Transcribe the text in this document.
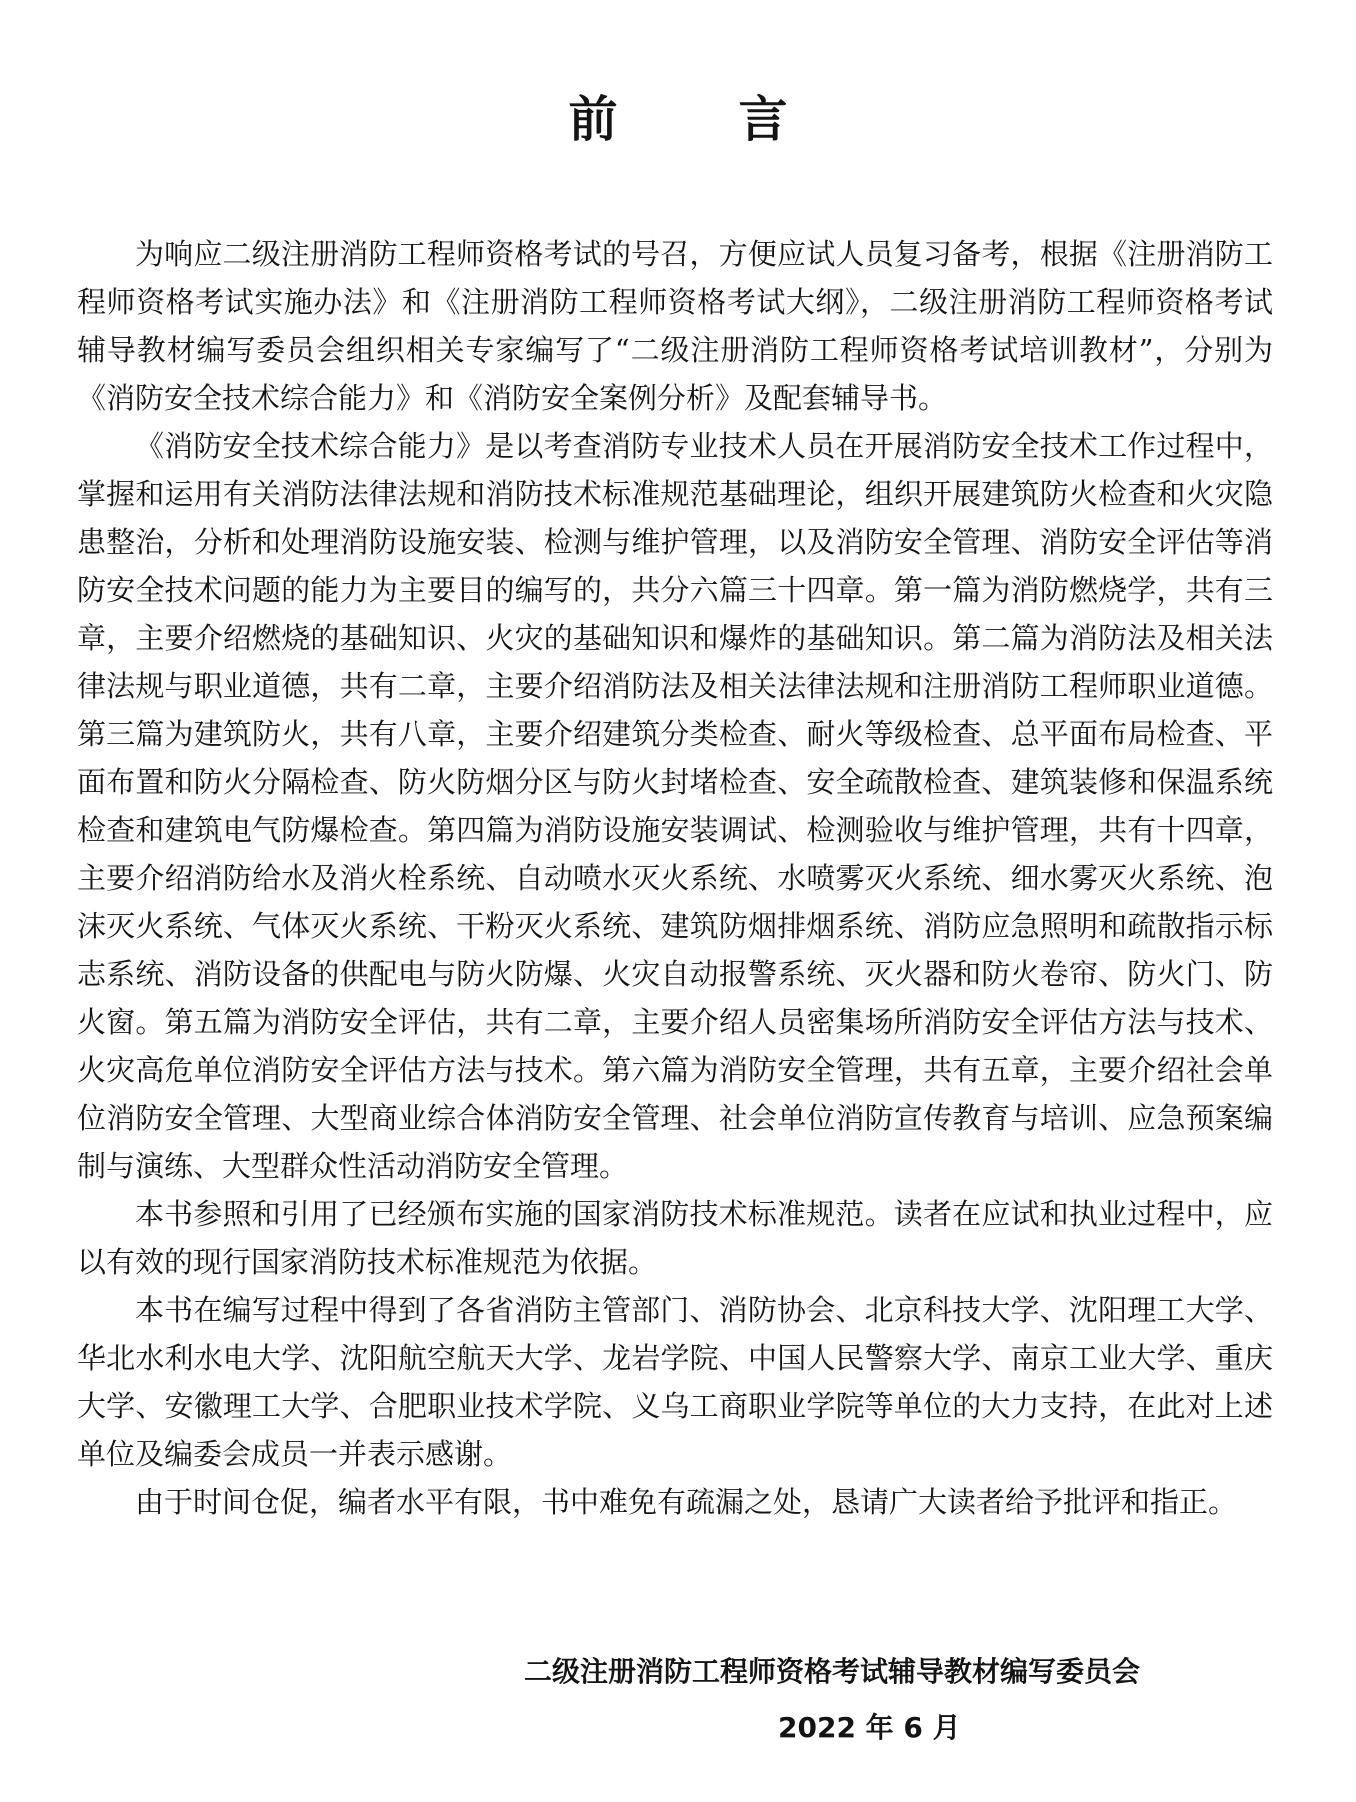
前 言

为响应二级注册消防工程师资格考试的号召，方便应试人员复习备考，根据《注册消防工程师资格考试实施办法》和《注册消防工程师资格考试大纲》，二级注册消防工程师资格考试辅导教材编写委员会组织相关专家编写了“二级注册消防工程师资格考试培训教材”，分别为《消防安全技术综合能力》和《消防安全案例分析》及配套辅导书。

《消防安全技术综合能力》是以考查消防专业技术人员在开展消防安全技术工作过程中，掌握和运用有关消防法律法规和消防技术标准规范基础理论，组织开展建筑防火检查和火灾隐患整治，分析和处理消防设施安装、检测与维护管理，以及消防安全管理、消防安全评估等消防安全技术问题的能力为主要目的编写的，共分六篇三十四章。第一篇为消防燃烧学，共有三章，主要介绍燃烧的基础知识、火灾的基础知识和爆炸的基础知识。第二篇为消防法及相关法律法规与职业道德，共有二章，主要介绍消防法及相关法律法规和注册消防工程师职业道德。第三篇为建筑防火，共有八章，主要介绍建筑分类检查、耐火等级检查、总平面布局检查、平面布置和防火分隔检查、防火防烟分区与防火封堵检查、安全疏散检查、建筑装修和保温系统检查和建筑电气防爆检查。第四篇为消防设施安装调试、检测验收与维护管理，共有十四章，主要介绍消防给水及消火栓系统、自动喷水灭火系统、水喷雾灭火系统、细水雾灭火系统、泡沫灭火系统、气体灭火系统、干粉灭火系统、建筑防烟排烟系统、消防应急照明和疏散指示标志系统、消防设备的供配电与防火防爆、火灾自动报警系统、灭火器和防火卷帘、防火门、防火窗。第五篇为消防安全评估，共有二章，主要介绍人员密集场所消防安全评估方法与技术、火灾高危单位消防安全评估方法与技术。第六篇为消防安全管理，共有五章，主要介绍社会单位消防安全管理、大型商业综合体消防安全管理、社会单位消防宣传教育与培训、应急预案编制与演练、大型群众性活动消防安全管理。

本书参照和引用了已经颁布实施的国家消防技术标准规范。读者在应试和执业过程中，应以有效的现行国家消防技术标准规范为依据。

本书在编写过程中得到了各省消防主管部门、消防协会、北京科技大学、沈阳理工大学、华北水利水电大学、沈阳航空航天大学、龙岩学院、中国人民警察大学、南京工业大学、重庆大学、安徽理工大学、合肥职业技术学院、义乌工商职业学院等单位的大力支持，在此对上述单位及编委会成员一并表示感谢。

由于时间仓促，编者水平有限，书中难免有疏漏之处，恳请广大读者给予批评和指正。

二级注册消防工程师资格考试辅导教材编写委员会
2022 年 6 月
